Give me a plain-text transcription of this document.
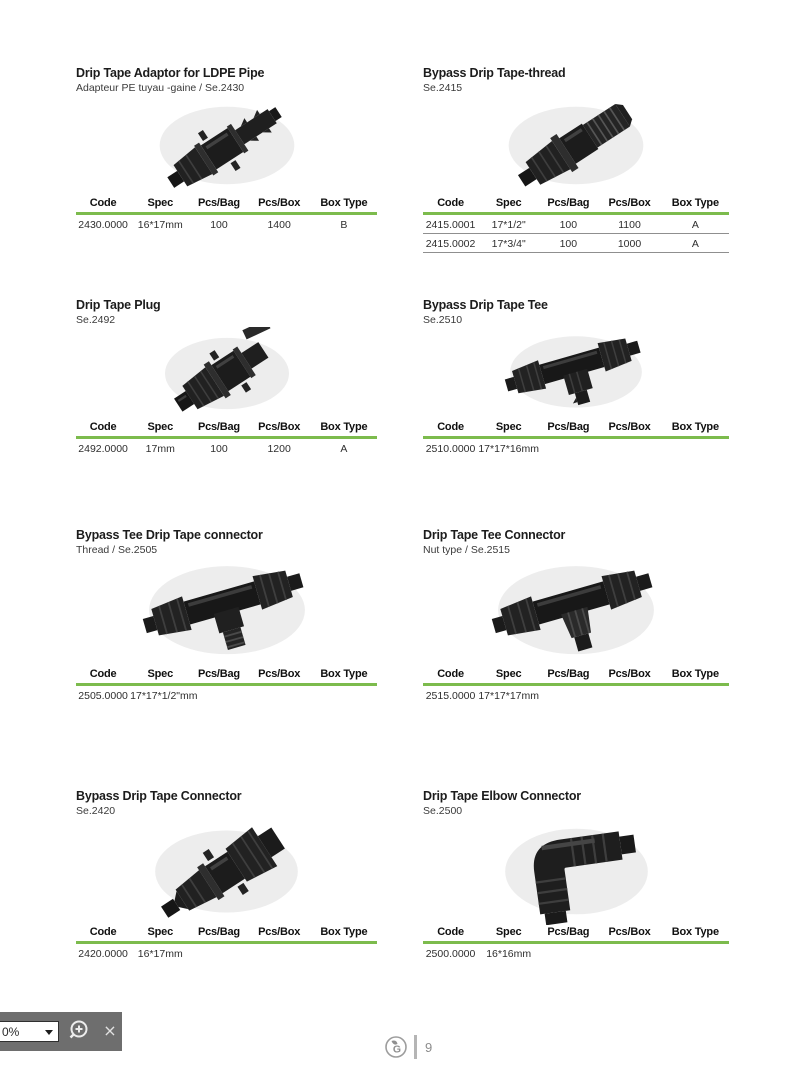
Drip Tape Adaptor for LDPE Pipe

Adapteur PE tuyau -gaine / Se.2430

Code	Spec	Pcs/Bag	Pcs/Box	Box Type
2430.0000	16*17mm	100	1400	B
Bypass Drip Tape-thread

Se.2415

Code	Spec	Pcs/Bag	Pcs/Box	Box Type
2415.0001	17*1/2"	100	1100	A
2415.0002	17*3/4"	100	1000	A
Drip Tape Plug

Se.2492

Code	Spec	Pcs/Bag	Pcs/Box	Box Type
2492.0000	17mm	100	1200	A
Bypass Drip Tape Tee

Se.2510

Code	Spec	Pcs/Bag	Pcs/Box	Box Type
2510.0000	17*17*16mm			
Bypass Tee Drip Tape connector

Thread / Se.2505

Code	Spec	Pcs/Bag	Pcs/Box	Box Type
2505.0000	17*17*1/2"mm			
Drip Tape Tee Connector

Nut type / Se.2515

Code	Spec	Pcs/Bag	Pcs/Box	Box Type
2515.0000	17*17*17mm			
Bypass Drip Tape Connector

Se.2420

Code	Spec	Pcs/Bag	Pcs/Box	Box Type
2420.0000	16*17mm			
Drip Tape Elbow Connector

Se.2500

Code	Spec	Pcs/Bag	Pcs/Box	Box Type
2500.0000	16*16mm			
0%	×
G 9
